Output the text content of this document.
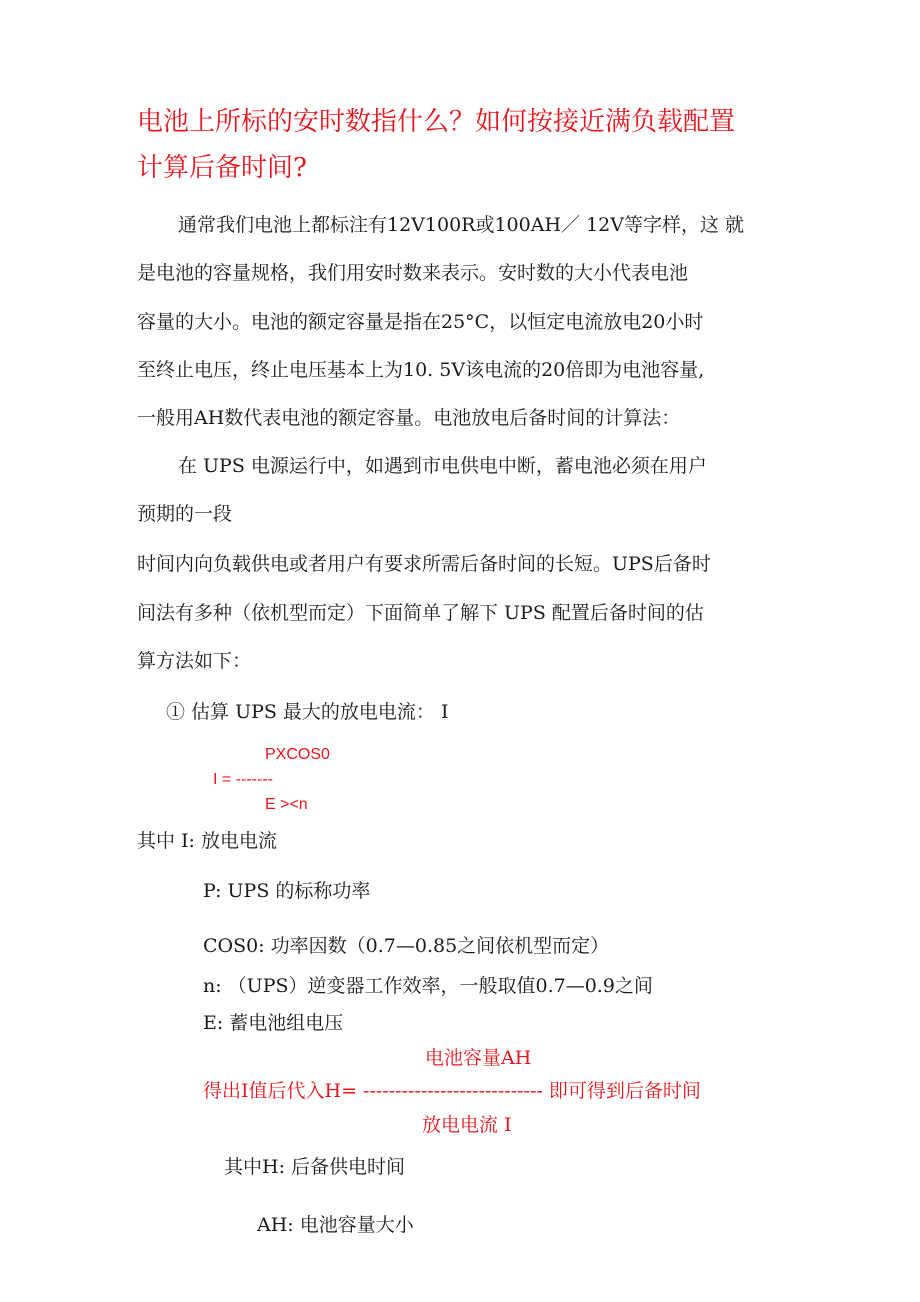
电池上所标的安时数指什么？如何按接近满负载配置
计算后备时间?
通常我们电池上都标注有12V100R或100AH／ 12V等字样，这 就
是电池的容量规格，我们用安时数来表示。安时数的大小代表电池
容量的大小。电池的额定容量是指在25°C，以恒定电流放电20小时
至终止电压，终止电压基本上为10. 5V该电流的20倍即为电池容量,
一般用AH数代表电池的额定容量。电池放电后备时间的计算法：
在 UPS 电源运行中，如遇到市电供电中断，蓄电池必须在用户
预期的一段
时间内向负载供电或者用户有要求所需后备时间的长短。UPS后备时
间法有多种（依机型而定）下面简单了解下 UPS 配置后备时间的估
算方法如下：
① 估算 UPS 最大的放电电流： I
PXCOS0
I = -------
E ><n
其中 I: 放电电流
P: UPS 的标称功率
COS0: 功率因数（0.7—0.85之间依机型而定）
n: （UPS）逆变器工作效率，一般取值0.7—0.9之间
E: 蓄电池组电压
电池容量AH
得出I值后代入H= ---------------------------- 即可得到后备时间
放电电流 I
其中H: 后备供电时间
AH: 电池容量大小
